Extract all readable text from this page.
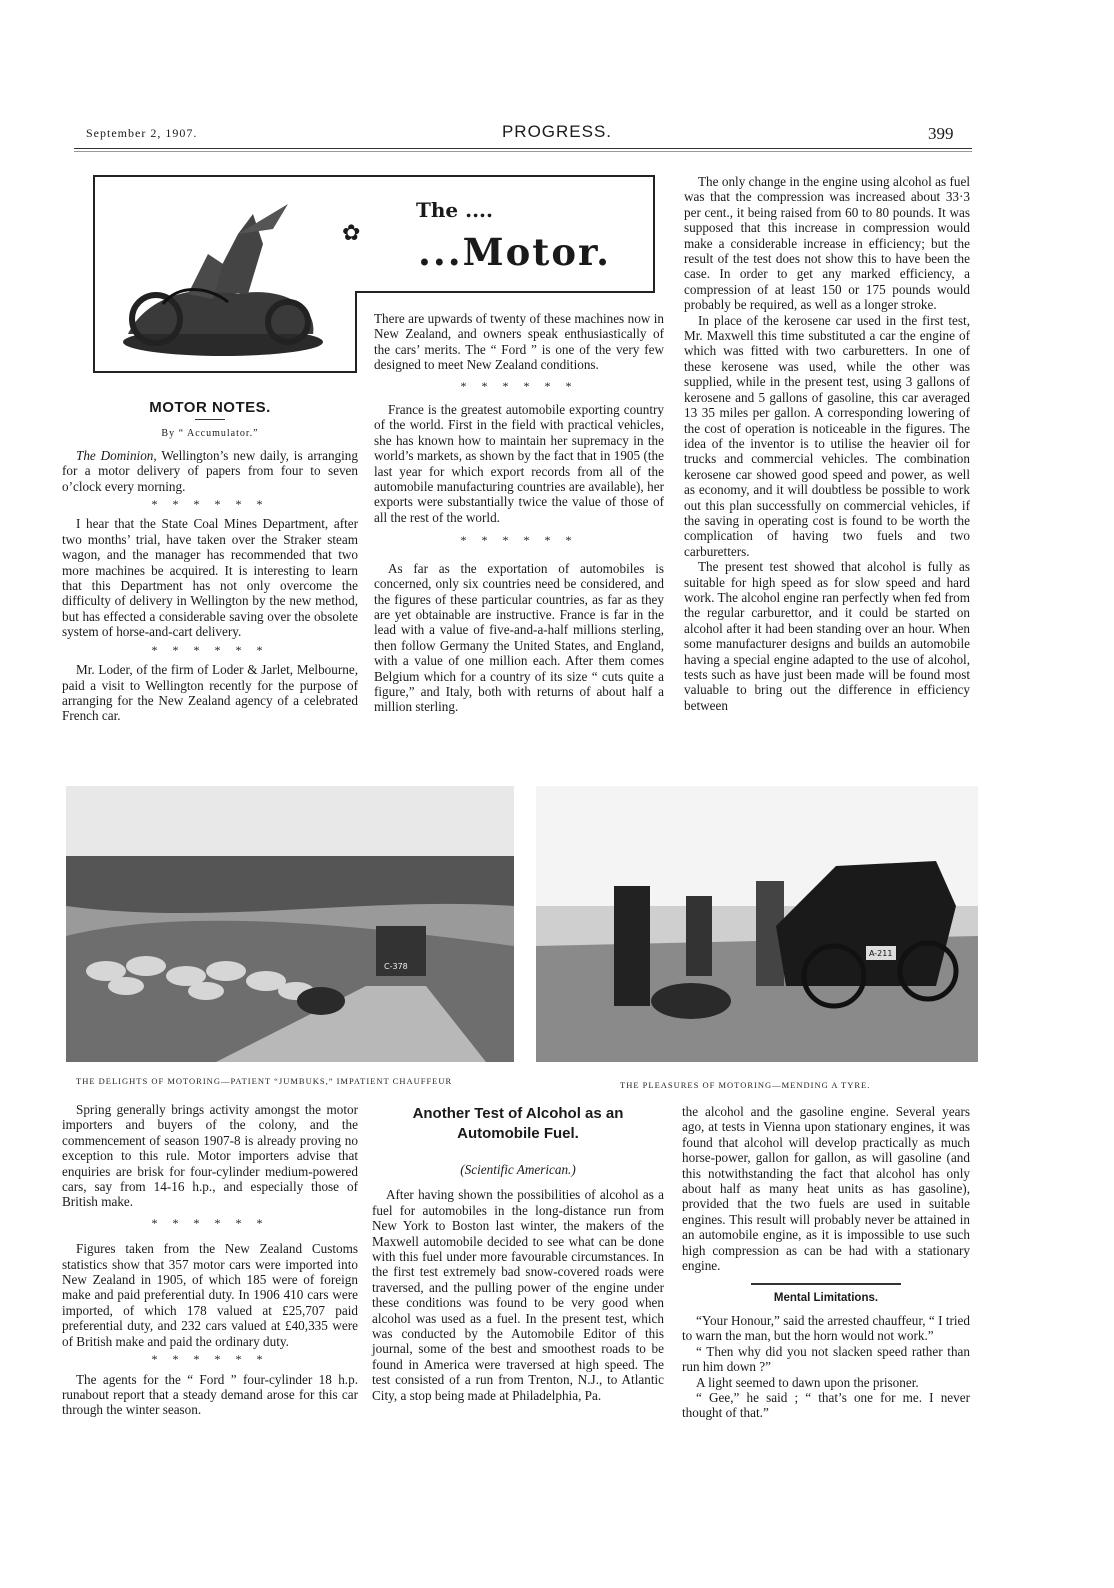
September 2, 1907.	PROGRESS.	399
✿
The ....
...Motor.
MOTOR NOTES.
By “ Accumulator.”

The Dominion, Wellington’s new daily, is arranging for a motor delivery of papers from four to seven o’clock every morning.

* * * * * *

I hear that the State Coal Mines Department, after two months’ trial, have taken over the Straker steam wagon, and the manager has recommended that two more machines be acquired. It is interesting to learn that this Department has not only overcome the difficulty of delivery in Wellington by the new method, but has effected a considerable saving over the obsolete system of horse-and-cart delivery.

* * * * * *

Mr. Loder, of the firm of Loder & Jarlet, Melbourne, paid a visit to Wellington recently for the purpose of arranging for the New Zealand agency of a celebrated French car.

There are upwards of twenty of these machines now in New Zealand, and owners speak enthusiastically of the cars’ merits. The “ Ford ” is one of the very few designed to meet New Zealand conditions.

* * * * * *

France is the greatest automobile exporting country of the world. First in the field with practical vehicles, she has known how to maintain her supremacy in the world’s markets, as shown by the fact that in 1905 (the last year for which export records from all of the automobile manufacturing countries are available), her exports were substantially twice the value of those of all the rest of the world.

* * * * * *

As far as the exportation of automobiles is concerned, only six countries need be considered, and the figures of these particular countries, as far as they are yet obtainable are instructive. France is far in the lead with a value of five-and-a-half millions sterling, then follow Germany the United States, and England, with a value of one million each. After them comes Belgium which for a country of its size “ cuts quite a figure,” and Italy, both with returns of about half a million sterling.

The only change in the engine using alcohol as fuel was that the compression was increased about 33·3 per cent., it being raised from 60 to 80 pounds. It was supposed that this increase in compression would make a considerable increase in efficiency; but the result of the test does not show this to have been the case. In order to get any marked efficiency, a compression of at least 150 or 175 pounds would probably be required, as well as a longer stroke.

In place of the kerosene car used in the first test, Mr. Maxwell this time substituted a car the engine of which was fitted with two carburetters. In one of these kerosene was used, while the other was supplied, while in the present test, using 3 gallons of kerosene and 5 gallons of gasoline, this car averaged 13 35 miles per gallon. A corresponding lowering of the cost of operation is noticeable in the figures. The idea of the inventor is to utilise the heavier oil for trucks and commercial vehicles. The combination kerosene car showed good speed and power, as well as economy, and it will doubtless be possible to work out this plan successfully on commercial vehicles, if the saving in operating cost is found to be worth the complication of having two fuels and two carburetters.

The present test showed that alcohol is fully as suitable for high speed as for slow speed and hard work. The alcohol engine ran perfectly when fed from the regular carburettor, and it could be started on alcohol after it had been standing over an hour. When some manufacturer designs and builds an automobile having a special engine adapted to the use of alcohol, tests such as have just been made will be found most valuable to bring out the difference in efficiency between

C-378
A-211
THE DELIGHTS OF MOTORING—PATIENT “JUMBUKS,” IMPATIENT CHAUFFEUR	THE PLEASURES OF MOTORING—MENDING A TYRE.

Spring generally brings activity amongst the motor importers and buyers of the colony, and the commencement of season 1907-8 is already proving no exception to this rule. Motor importers advise that enquiries are brisk for four-cylinder medium-powered cars, say from 14-16 h.p., and especially those of British make.

* * * * * *

Figures taken from the New Zealand Customs statistics show that 357 motor cars were imported into New Zealand in 1905, of which 185 were of foreign make and paid preferential duty. In 1906 410 cars were imported, of which 178 valued at £25,707 paid preferential duty, and 232 cars valued at £40,335 were of British make and paid the ordinary duty.

* * * * * *

The agents for the “ Ford ” four-cylinder 18 h.p. runabout report that a steady demand arose for this car through the winter season.

Another Test of Alcohol as an Automobile Fuel.
(Scientific American.)

After having shown the possibilities of alcohol as a fuel for automobiles in the long-distance run from New York to Boston last winter, the makers of the Maxwell automobile decided to see what can be done with this fuel under more favourable circumstances. In the first test extremely bad snow-covered roads were traversed, and the pulling power of the engine under these conditions was found to be very good when alcohol was used as a fuel. In the present test, which was conducted by the Automobile Editor of this journal, some of the best and smoothest roads to be found in America were traversed at high speed. The test consisted of a run from Trenton, N.J., to Atlantic City, a stop being made at Philadelphia, Pa.

the alcohol and the gasoline engine. Several years ago, at tests in Vienna upon stationary engines, it was found that alcohol will develop practically as much horse-power, gallon for gallon, as will gasoline (and this notwithstanding the fact that alcohol has only about half as many heat units as has gasoline), provided that the two fuels are used in suitable engines. This result will probably never be attained in an automobile engine, as it is impossible to use such high compression as can be had with a stationary engine.

Mental Limitations.

“Your Honour,” said the arrested chauffeur, “ I tried to warn the man, but the horn would not work.”

“ Then why did you not slacken speed rather than run him down ?”

A light seemed to dawn upon the prisoner.

“ Gee,” he said ; “ that’s one for me. I never thought of that.”
